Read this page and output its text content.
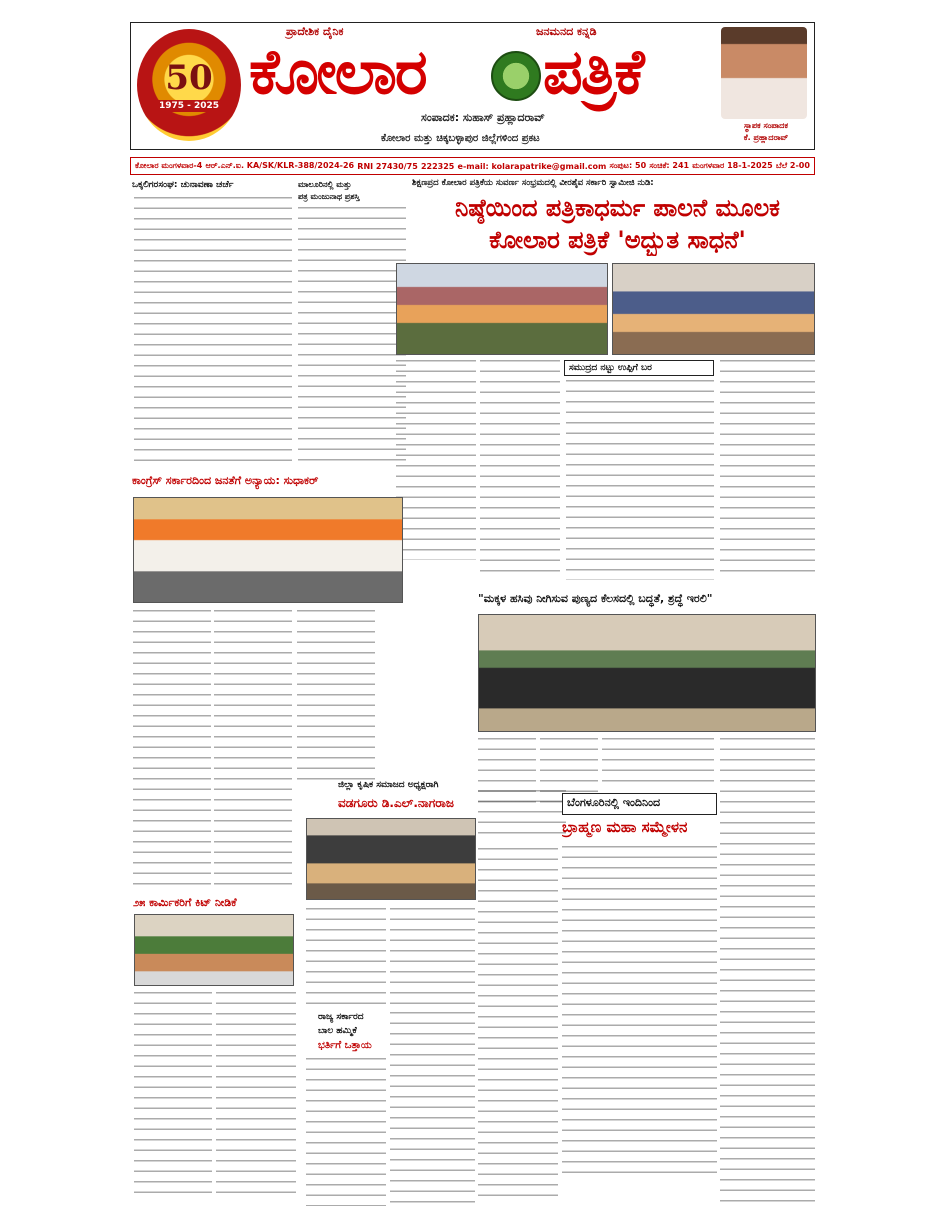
50
1975 - 2025
ಪ್ರಾದೇಶಿಕ ದೈನಿಕ	ಜನಮನದ ಕನ್ನಡಿ
ಕೋಲಾರ ಪತ್ರಿಕೆ
ಸಂಪಾದಕ: ಸುಹಾಸ್ ಪ್ರಹ್ಲಾದರಾವ್
ಕೋಲಾರ ಮತ್ತು ಚಿಕ್ಕಬಳ್ಳಾಪುರ ಜಿಲ್ಲೆಗಳಿಂದ ಪ್ರಕಟ
ಸ್ಥಾಪಕ ಸಂಪಾದಕ
ಕೆ. ಪ್ರಹ್ಲಾದರಾವ್
ಕೋಲಾರ ಮಂಗಳವಾರ-4 ಆರ್.ಎನ್.ಐ. KA/SK/KLR-388/2024-26 RNI 27430/75 222325 e-mail: kolarapatrike@gmail.com ಸಂಪುಟ: 50 ಸಂಚಿಕೆ: 241 ಮಂಗಳವಾರ 18-1-2025 ಬೆಲೆ 2-00
ಒಕ್ಕಲಿಗರಸಂಘ: ಚುನಾವಣಾ ಚರ್ಚೆ	ಮಾಲೂರಿನಲ್ಲಿ ಮತ್ತು
ಪತ್ರ ಮಂಜುನಾಥ ಪ್ರಶಸ್ತಿ
ಶಿಕ್ಷಣಪ್ರದ ಕೋಲಾರ ಪತ್ರಿಕೆಯ ಸುವರ್ಣ ಸಂಭ್ರಮದಲ್ಲಿ ವೀರಶೈವ ಸರ್ಕಾರಿ ಸ್ವಾಮೀಜಿ ನುಡಿ:
ನಿಷ್ಠೆಯಿಂದ ಪತ್ರಿಕಾಧರ್ಮ ಪಾಲನೆ ಮೂಲಕ
ಕೋಲಾರ ಪತ್ರಿಕೆ 'ಅದ್ಭುತ ಸಾಧನೆ'
ಸಮುದ್ರದ ನಟ್ಟು ಉಪ್ಪಿಗೆ ಬರ
ಕಾಂಗ್ರೆಸ್ ಸರ್ಕಾರದಿಂದ ಜನತೆಗೆ ಅನ್ಯಾಯ: ಸುಧಾಕರ್
"ಮಕ್ಕಳ ಹಸಿವು ನೀಗಿಸುವ ಪುಣ್ಯದ ಕೆಲಸದಲ್ಲಿ ಬದ್ಧತೆ, ಶ್ರದ್ಧೆ ಇರಲಿ"
ಜಿಲ್ಲಾ ಕೃಷಿಕ ಸಮಾಜದ ಅಧ್ಯಕ್ಷರಾಗಿ
ವಡಗೂರು ಡಿ.ಎಲ್.ನಾಗರಾಜ	ಬೆಂಗಳೂರಿನಲ್ಲಿ ಇಂದಿನಿಂದ
ಬ್ರಾಹ್ಮಣ ಮಹಾ ಸಮ್ಮೇಳನ
೨೫ ಕಾರ್ಮಿಕರಿಗೆ ಕಿಟ್ ನೀಡಿಕೆ
ರಾಜ್ಯ ಸರ್ಕಾರದ
ಬಾಲ ಹಮ್ಮಿಕೆ
ಭರ್ತಿಗೆ ಒತ್ತಾಯ
